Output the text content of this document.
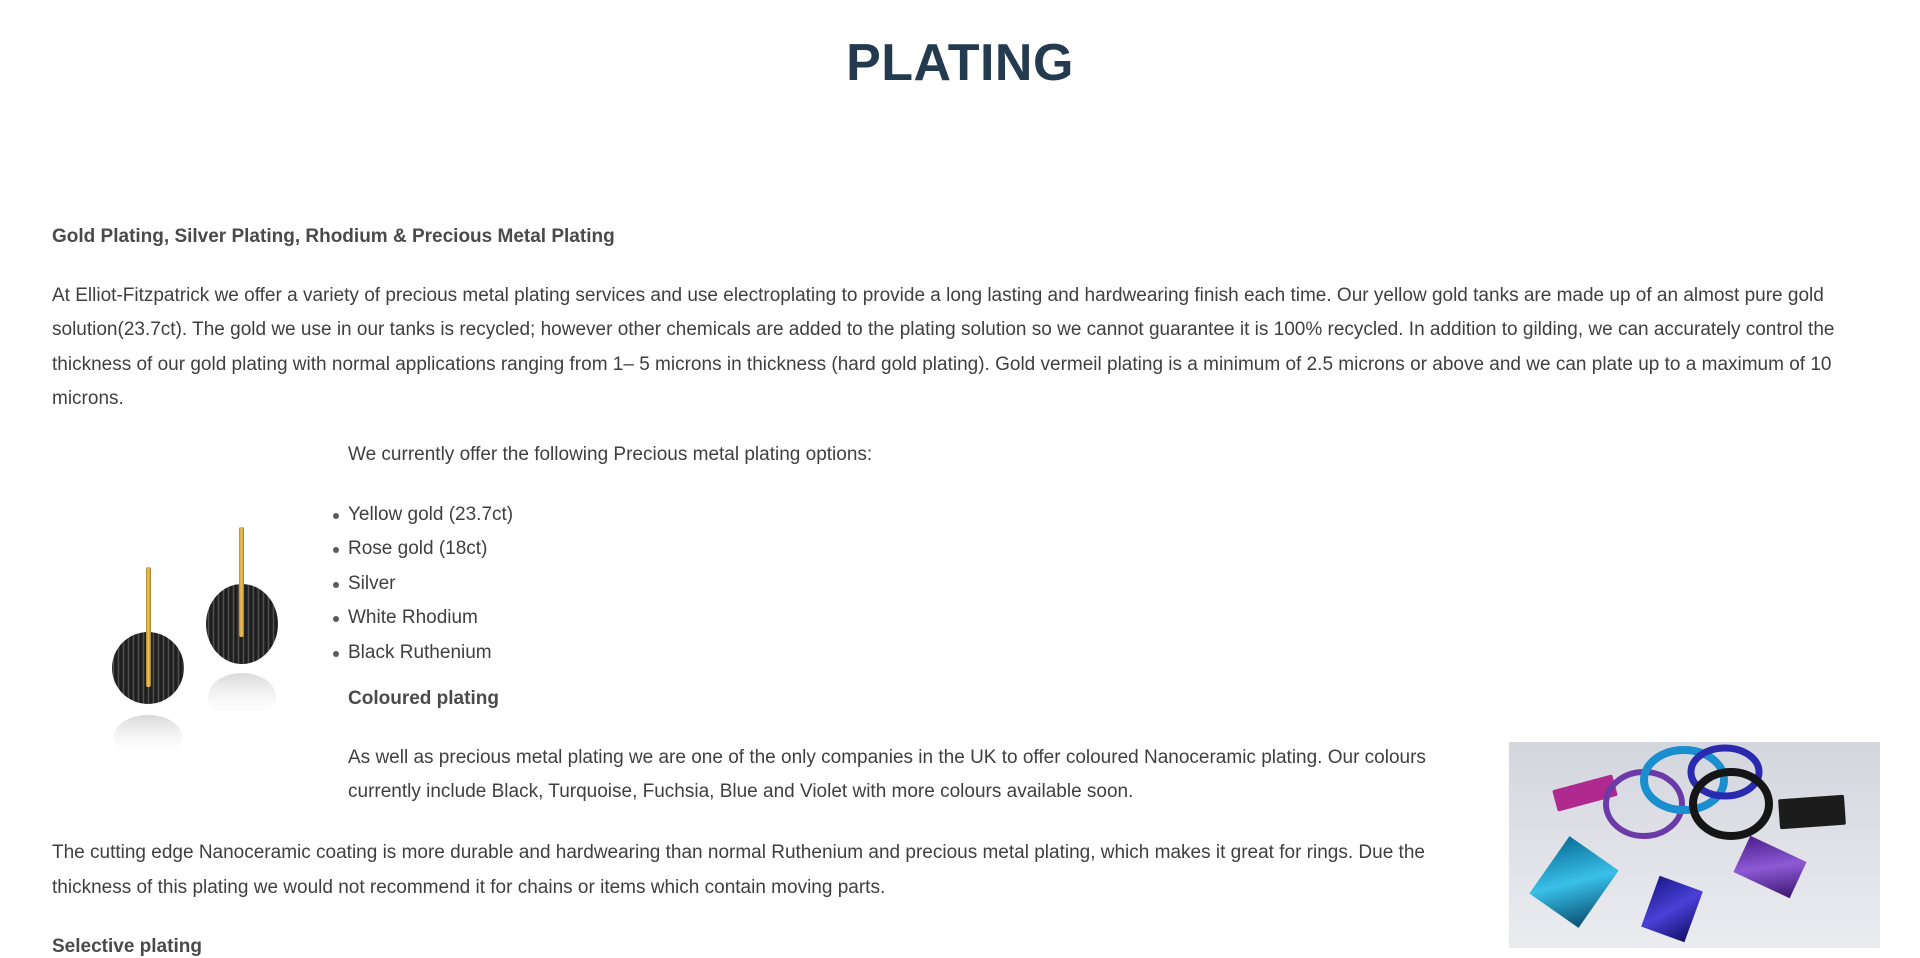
PLATING

Gold Plating, Silver Plating, Rhodium & Precious Metal Plating

At Elliot-Fitzpatrick we offer a variety of precious metal plating services and use electroplating to provide a long lasting and hardwearing finish each time. Our yellow gold tanks are made up of an almost pure gold solution(23.7ct). The gold we use in our tanks is recycled; however other chemicals are added to the plating solution so we cannot guarantee it is 100% recycled. In addition to gilding, we can accurately control the thickness of our gold plating with normal applications ranging from 1– 5 microns in thickness (hard gold plating). Gold vermeil plating is a minimum of 2.5 microns or above and we can plate up to a maximum of 10 microns.

We currently offer the following Precious metal plating options:

Yellow gold (23.7ct)
Rose gold (18ct)
Silver
White Rhodium
Black Ruthenium

Coloured plating

As well as precious metal plating we are one of the only companies in the UK to offer coloured Nanoceramic plating. Our colours currently include Black, Turquoise, Fuchsia, Blue and Violet with more colours available soon.

The cutting edge Nanoceramic coating is more durable and hardwearing than normal Ruthenium and precious metal plating, which makes it great for rings. Due the thickness of this plating we would not recommend it for chains or items which contain moving parts.

Selective plating
